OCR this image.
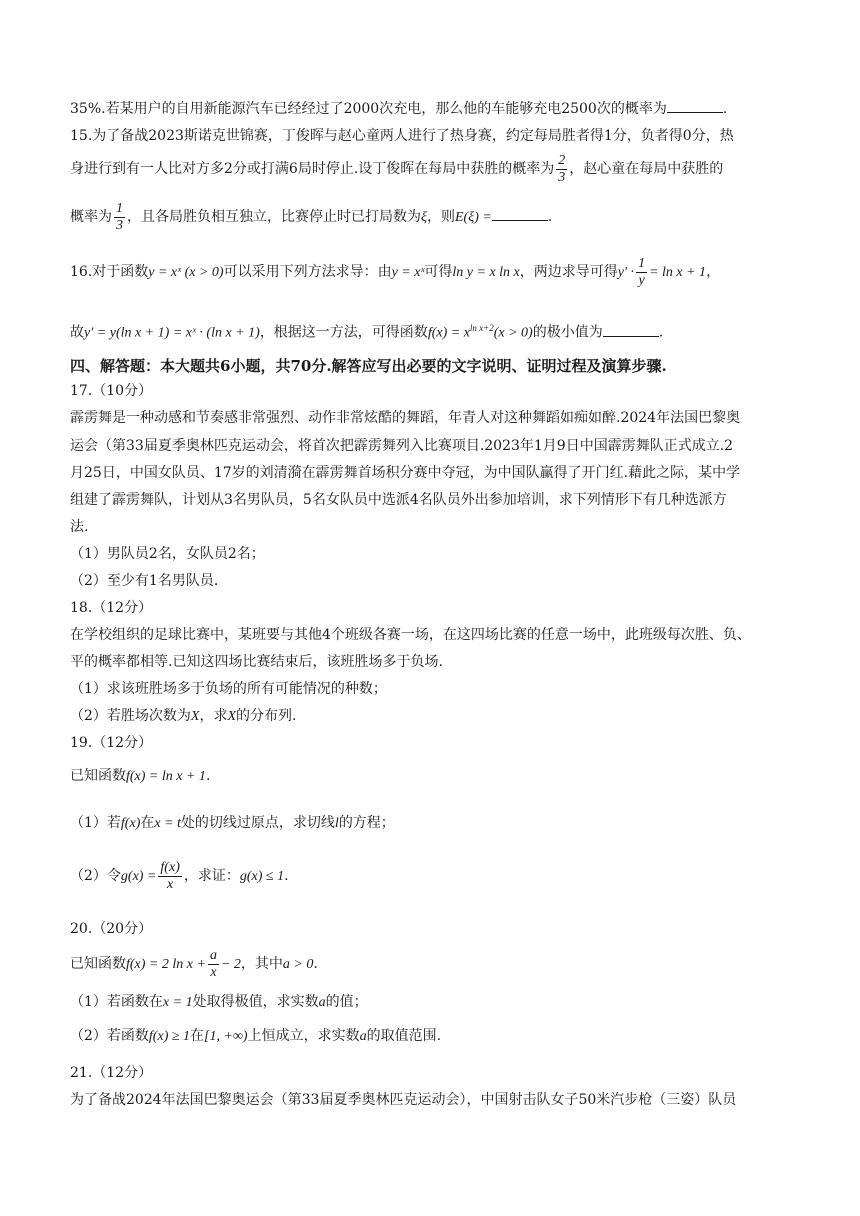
35%.若某用户的自用新能源汽车已经经过了2000次充电，那么他的车能够充电2500次的概率为	.
15.为了备战2023斯诺克世锦赛，丁俊晖与赵心童两人进行了热身赛，约定每局胜者得1分，负者得0分，热
身进行到有一人比对方多2分或打满6局时停止.设丁俊晖在每局中获胜的概率为 $\frac{2}{3}$ ，赵心童在每局中获胜的
概率为 $\frac{1}{3}$ ，且各局胜负相互独立，比赛停止时已打局数为ξ，则E(ξ) =	.
16.对于函数y = xˣ (x > 0)可以采用下列方法求导：由y = xˣ可得ln y = x ln x，两边求导可得$y' \cdot \frac{1}{y} = \ln x + 1$，
故y′ = y(ln x + 1) = xˣ · (ln x + 1)，根据这一方法，可得函数$f(x) = x^{ln x+2}(x > 0)$的极小值为	.
四、解答题：本大题共6小题，共70分.解答应写出必要的文字说明、证明过程及演算步骤.
17.（10分）
霹雳舞是一种动感和节奏感非常强烈、动作非常炫酷的舞蹈，年青人对这种舞蹈如痴如醉.2024年法国巴黎奥
运会（第33届夏季奥林匹克运动会，将首次把霹雳舞列入比赛项目.2023年1月9日中国霹雳舞队正式成立.2
月25日，中国女队员、17岁的刘清漪在霹雳舞首场积分赛中夺冠，为中国队赢得了开门红.藉此之际，某中学
组建了霹雳舞队，计划从3名男队员，5名女队员中选派4名队员外出参加培训，求下列情形下有几种选派方
法.
（1）男队员2名，女队员2名；
（2）至少有1名男队员.
18.（12分）
在学校组织的足球比赛中，某班要与其他4个班级各赛一场，在这四场比赛的任意一场中，此班级每次胜、负、
平的概率都相等.已知这四场比赛结束后，该班胜场多于负场.
（1）求该班胜场多于负场的所有可能情况的种数；
（2）若胜场次数为X，求X的分布列.
19.（12分）
已知函数f(x) = ln x + 1.
（1）若f(x)在x = t处的切线过原点，求切线l的方程；
（2）令$g(x) = \frac{f(x)}{x}$ ，求证：g(x) ≤ 1.
20.（20分）
已知函数f(x) = 2 $\ln x + \frac{a}{x} - 2$，其中a > 0.
（1）若函数在x = 1处取得极值，求实数a的值；
（2）若函数f(x) ≥ 1在[1, +∞)上恒成立，求实数a的取值范围.
21.（12分）
为了备战2024年法国巴黎奥运会（第33届夏季奥林匹克运动会），中国射击队女子50米汽步枪（三姿）队员
